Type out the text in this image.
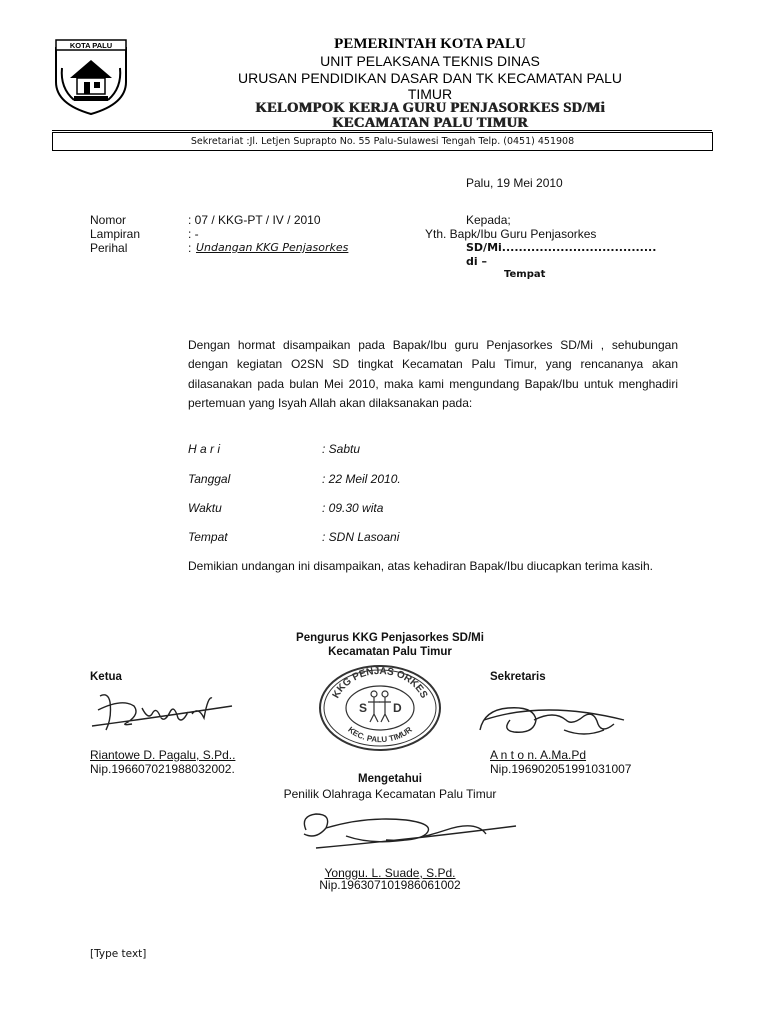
KOTA PALU	PEMERINTAH KOTA PALU
UNIT PELAKSANA TEKNIS DINAS
URUSAN PENDIDIKAN DASAR DAN TK KECAMATAN PALU
TIMUR
KELOMPOK KERJA GURU PENJASORKES SD/Mi
KECAMATAN PALU TIMUR
Sekretariat :Jl. Letjen Suprapto No. 55 Palu-Sulawesi Tengah Telp. (0451) 451908
Palu, 19 Mei 2010
Nomor	: 07 / KKG-PT / IV / 2010
Lampiran	: -
Perihal	: Undangan KKG Penjasorkes
Kepada;
Yth. Bapk/Ibu Guru Penjasorkes
SD/Mi.....................................
di –
Tempat
Dengan hormat disampaikan pada Bapak/Ibu guru Penjasorkes SD/Mi , sehubungan dengan kegiatan O2SN SD tingkat Kecamatan Palu Timur, yang rencananya akan dilasanakan pada bulan Mei 2010, maka kami mengundang Bapak/Ibu untuk menghadiri pertemuan yang Isyah Allah akan dilaksanakan pada:
H a r i	: Sabtu
Tanggal	: 22 Meil 2010.
Waktu	: 09.30 wita
Tempat	: SDN Lasoani
Demikian undangan ini disampaikan, atas kehadiran Bapak/Ibu diucapkan terima kasih.
Pengurus KKG Penjasorkes SD/Mi
Kecamatan Palu Timur
Ketua	Sekretaris
KKG PENJAS ORKES
KEC. PALU TIMUR
S D
Riantowe D. Pagalu, S.Pd..
Nip.196607021988032002.
A n t o n. A.Ma.Pd
Nip.196902051991031007
Mengetahui
Penilik Olahraga Kecamatan Palu Timur
Yonggu. L. Suade, S.Pd.
Nip.196307101986061002
[Type text]
